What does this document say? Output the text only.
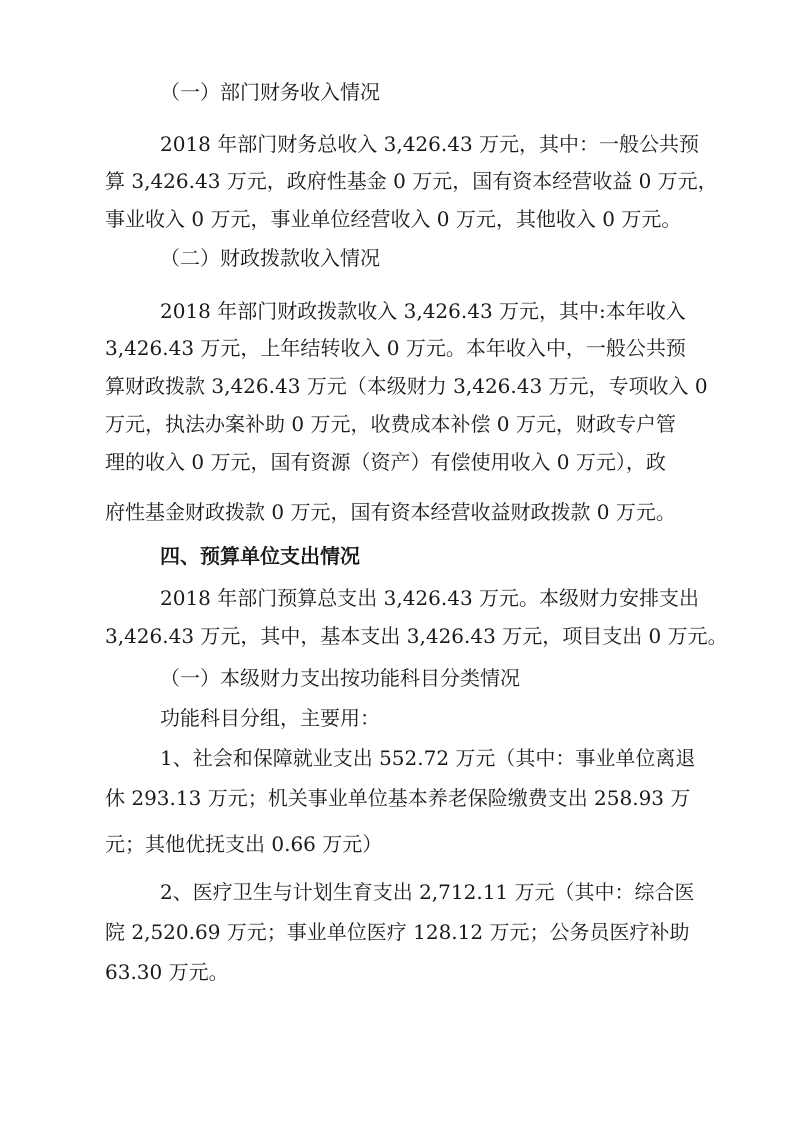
（一）部门财务收入情况
2018 年部门财务总收入 3,426.43 万元，其中：一般公共预
算 3,426.43 万元，政府性基金 0 万元，国有资本经营收益 0 万元，
事业收入 0 万元，事业单位经营收入 0 万元，其他收入 0 万元。
（二）财政拨款收入情况
2018 年部门财政拨款收入 3,426.43 万元，其中:本年收入
3,426.43 万元，上年结转收入 0 万元。本年收入中，一般公共预
算财政拨款 3,426.43 万元（本级财力 3,426.43 万元，专项收入 0
万元，执法办案补助 0 万元，收费成本补偿 0 万元，财政专户管
理的收入 0 万元，国有资源（资产）有偿使用收入 0 万元），政
府性基金财政拨款 0 万元，国有资本经营收益财政拨款 0 万元。
四、预算单位支出情况
2018 年部门预算总支出 3,426.43 万元。本级财力安排支出
3,426.43 万元，其中，基本支出 3,426.43 万元，项目支出 0 万元。
（一）本级财力支出按功能科目分类情况
功能科目分组，主要用：
1、社会和保障就业支出 552.72 万元（其中：事业单位离退
休 293.13 万元；机关事业单位基本养老保险缴费支出 258.93 万
元；其他优抚支出 0.66 万元）
2、医疗卫生与计划生育支出 2,712.11 万元（其中：综合医
院 2,520.69 万元；事业单位医疗 128.12 万元；公务员医疗补助
63.30 万元。
